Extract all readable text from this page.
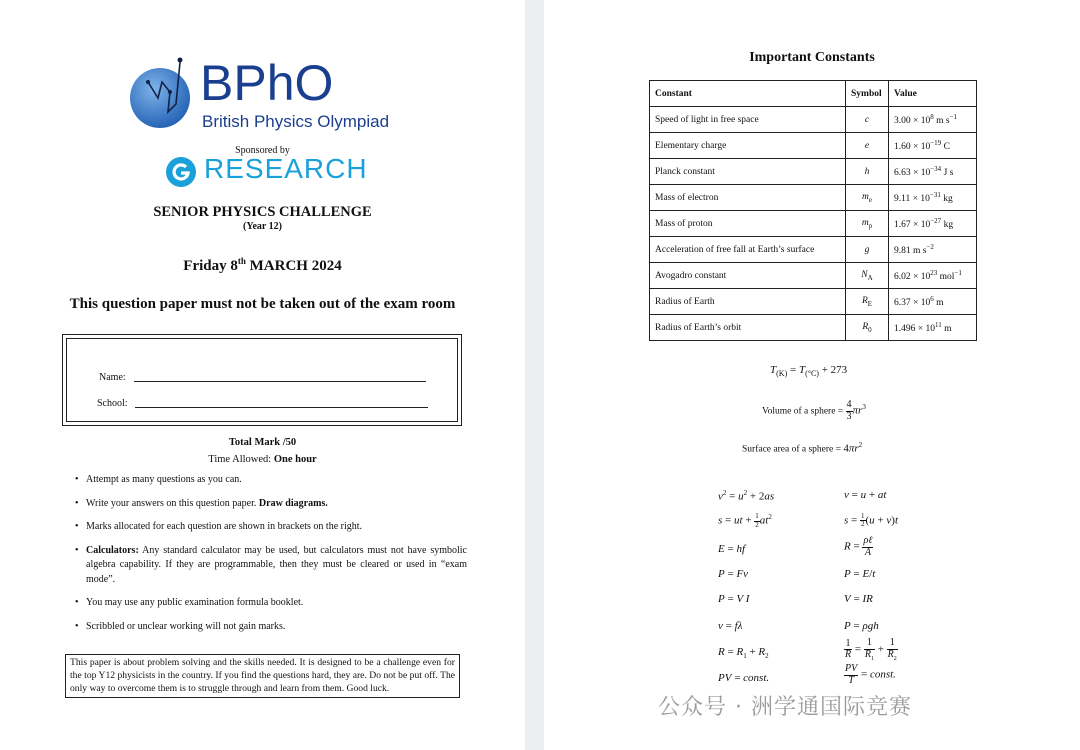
BPhO
British Physics Olympiad
Sponsored by
RESEARCH
SENIOR PHYSICS CHALLENGE
(Year 12)
Friday 8th MARCH 2024
This question paper must not be taken out of the exam room
Name:
School:
Total Mark /50
Time Allowed: One hour
• Attempt as many questions as you can.
• Write your answers on this question paper. Draw diagrams.
• Marks allocated for each question are shown in brackets on the right.
• Calculators: Any standard calculator may be used, but calculators must not have symbolic algebra capability. If they are programmable, then they must be cleared or used in “exam mode”.
• You may use any public examination formula booklet.
• Scribbled or unclear working will not gain marks.
This paper is about problem solving and the skills needed. It is designed to be a challenge even for the top Y12 physicists in the country. If you find the questions hard, they are. Do not be put off. The only way to overcome them is to struggle through and learn from them. Good luck.
Important Constants
Constant	Symbol	Value
Speed of light in free space	c	$3.00 \times 10^8$ m $s^{-1}$
Elementary charge	e	$1.60 \times 10^{-19}$ C
Planck constant	h	$6.63 \times 10^{-34}$ J s
Mass of electron	$m_e$	$9.11 \times 10^{-31}$ kg
Mass of proton	$m_p$	$1.67 \times 10^{-27}$ kg
Acceleration of free fall at Earth’s surface	g	9.81 m $s^{-2}$
Avogadro constant	$N_A$	$6.02 \times 10^{23}$ mol$^{-1}$
Radius of Earth	$R_E$	$6.37 \times 10^6$ m
Radius of Earth’s orbit	$R_0$	$1.496 \times 10^{11}$ m
$T_{(K)} = T_{(^\circ C)} + 273$
Volume of a sphere = $\frac{4}{3} \pi r^3$
Surface area of a sphere = $4\pi r^2$
$v^2 = u^2 + 2as$	v = u + at
s = ut + $\frac{1}{2} at^2$	$s = \frac{1}{2} (u + v)t$
E = hf	$R = \frac{\text{ρℓ}}{A}$
P = Fv	P = E/t
P = V I	V = IR
v = fλ	P = ρgh
$R = R_1 + R_2$	$\frac{1}{R} = \frac{1}{R_1} + \frac{1}{R_2}$
PV = const.	$\frac{PV}{T}$ = const.
公众号 · 洲学通国际竞赛
